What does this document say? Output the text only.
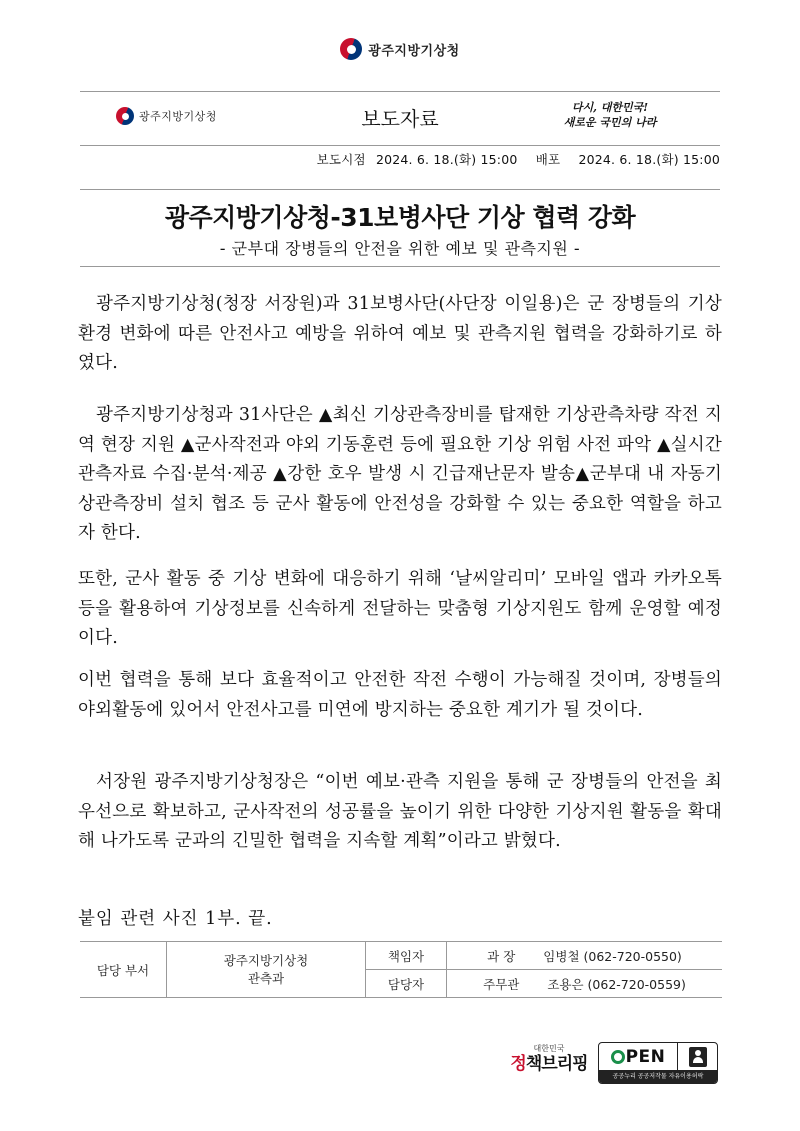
광주지방기상청
광주지방기상청	보도자료	다시, 대한민국!
새로운 국민의 나라
보도시점 2024. 6. 18.(화) 15:00 배포 2024. 6. 18.(화) 15:00
광주지방기상청-31보병사단 기상 협력 강화
- 군부대 장병들의 안전을 위한 예보 및 관측지원 -
광주지방기상청(청장 서장원)과 31보병사단(사단장 이일용)은 군 장병들의 기상환경 변화에 따른 안전사고 예방을 위하여 예보 및 관측지원 협력을 강화하기로 하였다.
광주지방기상청과 31사단은 ▲최신 기상관측장비를 탑재한 기상관측차량 작전 지역 현장 지원 ▲군사작전과 야외 기동훈련 등에 필요한 기상 위험 사전 파악 ▲실시간 관측자료 수집·분석·제공 ▲강한 호우 발생 시 긴급재난문자 발송▲군부대 내 자동기상관측장비 설치 협조 등 군사 활동에 안전성을 강화할 수 있는 중요한 역할을 하고자 한다.
또한, 군사 활동 중 기상 변화에 대응하기 위해 ‘날씨알리미’ 모바일 앱과 카카오톡 등을 활용하여 기상정보를 신속하게 전달하는 맞춤형 기상지원도 함께 운영할 예정이다.
이번 협력을 통해 보다 효율적이고 안전한 작전 수행이 가능해질 것이며, 장병들의 야외활동에 있어서 안전사고를 미연에 방지하는 중요한 계기가 될 것이다.
서장원 광주지방기상청장은 “이번 예보·관측 지원을 통해 군 장병들의 안전을 최우선으로 확보하고, 군사작전의 성공률을 높이기 위한 다양한 기상지원 활동을 확대해 나가도록 군과의 긴밀한 협력을 지속할 계획”이라고 밝혔다.
붙임 관련 사진 1부. 끝.
담당 부서	
광주지방기상청
관측과
	책임자	과 장 임병철 (062-720-0550)

		담당자	주무관 조용은 (062-720-0559)
대한민국
정책브리핑 PEN
공공누리 공공저작물 자유이용허락
